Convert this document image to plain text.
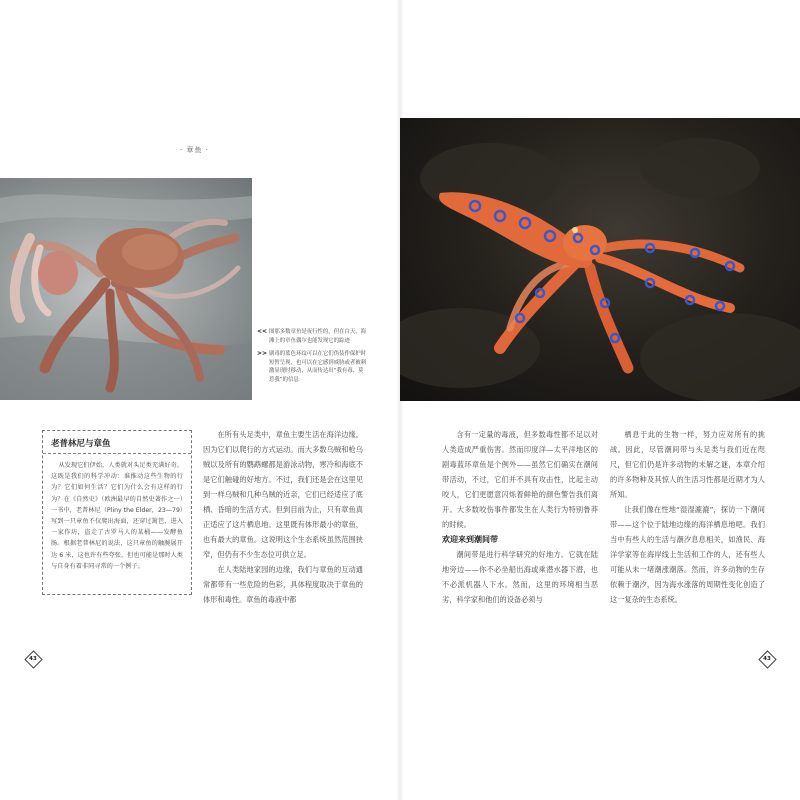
· 章鱼 ·
<< 图那多数章鱼是夜行性的，但在白天，海滩上的章鱼偶尔也能发现它的踪迹
>> 剧毒的蓝色环纹可以在它们伪装作保护时短暂呈现，也可以在它感到威胁或者被刺激显现时移动，从而传达出“我有毒、莫惹我”的信息
老普林尼与章鱼
从发现它们伊始，人类就对头足类充满好奇。这既是我们的科学冲动：谁推动这些生物的行为？它们如何生活？它们为什么会有这样的行为？在《自然史》（欧洲最早的自然史著作之一）一书中，老普林尼（Pliny the Elder，23—79）写到一只章鱼不仅爬出海面，还穿过篱笆，进入一家作坊，盗走了古罗马人的某桶——发酵鱼肠。根据老普林尼的说法，这只章鱼的触腕展开达 6 米，这也许有些夸张，但也可能是那时人类与自身有着非同寻常的一个例子。

在所有头足类中，章鱼主要生活在海洋边缘，因为它们以爬行的方式运动。而大多数乌贼和枪乌贼以及所有的鹦鹉螺都是游泳动物，寒冷和海底不是它们触碰的好地方。不过，我们还是会在这里见到一样乌贼和几种乌贼的近亲，它们已经适应了底栖、昏暗的生活方式。但到目前为止，只有章鱼真正适应了这片栖息地。这里既有体形最小的章鱼，也有最大的章鱼。这说明这个生态系统虽然范围狭窄，但仍有不少生态位可供立足。

在人类陆地家园的边缘，我们与章鱼的互动通常都带有一些危险的色彩，具体程度取决于章鱼的体形和毒性。章鱼的毒液中都

含有一定量的毒液，但多数毒性都不足以对人类造成严重伤害。然而印度洋—太平洋地区的剧毒蓝环章鱼是个例外——虽然它们确实在潮间带活动，不过，它们并不具有攻击性，比起主动咬人，它们更愿意闪烁着鲜艳的颜色警告我们离开。大多数咬伤事件都发生在人类行为特别鲁莽的时候。

欢迎来到潮间带

潮间带是进行科学研究的好地方。它就在陆地旁边——你不必坐船出海或乘潜水器下潜，也不必派机器人下水。然而，这里的环境相当恶劣，科学家和他们的设备必须与

栖息于此的生物一样，努力应对所有的挑战。因此，尽管潮间带与头足类与我们近在咫尺，但它们仍是许多动物的未解之谜，本章介绍的许多物种及其惊人的生活习性都是近期才为人所知。

让我们像在性地“湿湿漉漉”，探访一下潮间带——这个位于陆地边缘的海洋栖息地吧。我们当中有些人的生活与潮汐息息相关，如渔民、海洋学家等在海岸线上生活和工作的人，还有些人可能从未一堵潮涨潮落。然而，许多动物的生存依赖于潮汐，因为海水涨落的周期性变化创造了这一复杂的生态系统。

43	43
